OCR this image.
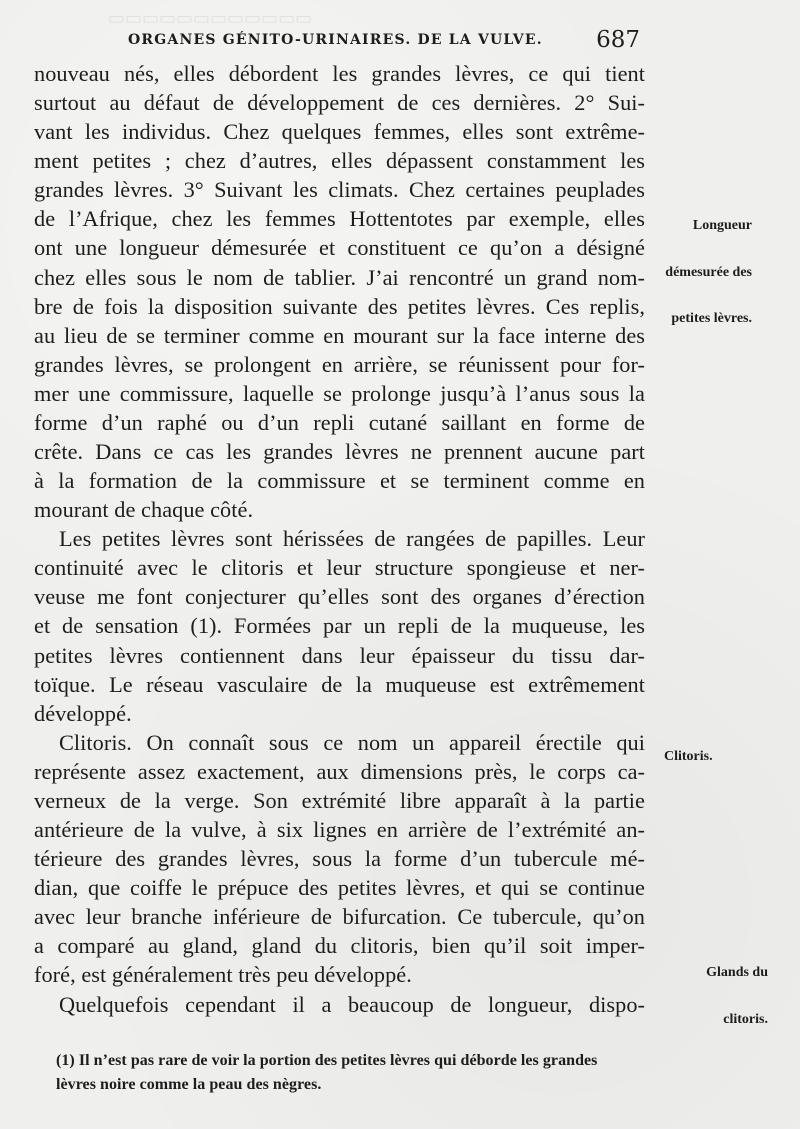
▭▭▭▭▭▭▭▭▭▭▭▭
ORGANES GÉNITO-URINAIRES. DE LA VULVE. 687
nouveau nés, elles débordent les grandes lèvres, ce qui tient
surtout au défaut de développement de ces dernières. 2° Sui-
vant les individus. Chez quelques femmes, elles sont extrême-
ment petites ; chez d’autres, elles dépassent constamment les
grandes lèvres. 3° Suivant les climats. Chez certaines peuplades
de l’Afrique, chez les femmes Hottentotes par exemple, elles
ont une longueur démesurée et constituent ce qu’on a désigné
chez elles sous le nom de tablier. J’ai rencontré un grand nom-
bre de fois la disposition suivante des petites lèvres. Ces replis,
au lieu de se terminer comme en mourant sur la face interne des
grandes lèvres, se prolongent en arrière, se réunissent pour for-
mer une commissure, laquelle se prolonge jusqu’à l’anus sous la
forme d’un raphé ou d’un repli cutané saillant en forme de
crête. Dans ce cas les grandes lèvres ne prennent aucune part
à la formation de la commissure et se terminent comme en
mourant de chaque côté.
Les petites lèvres sont hérissées de rangées de papilles. Leur
continuité avec le clitoris et leur structure spongieuse et ner-
veuse me font conjecturer qu’elles sont des organes d’érection
et de sensation (1). Formées par un repli de la muqueuse, les
petites lèvres contiennent dans leur épaisseur du tissu dar-
toïque. Le réseau vasculaire de la muqueuse est extrêmement
développé.
Clitoris. On connaît sous ce nom un appareil érectile qui
représente assez exactement, aux dimensions près, le corps ca-
verneux de la verge. Son extrémité libre apparaît à la partie
antérieure de la vulve, à six lignes en arrière de l’extrémité an-
térieure des grandes lèvres, sous la forme d’un tubercule mé-
dian, que coiffe le prépuce des petites lèvres, et qui se continue
avec leur branche inférieure de bifurcation. Ce tubercule, qu’on
a comparé au gland, gland du clitoris, bien qu’il soit imper-
foré, est généralement très peu développé.
Quelquefois cependant il a beaucoup de longueur, dispo-

Longueur

démesurée des

petites lèvres.

Clitoris.

Glands du

clitoris.

(1) Il n’est pas rare de voir la portion des petites lèvres qui déborde les grandes
lèvres noire comme la peau des nègres.
